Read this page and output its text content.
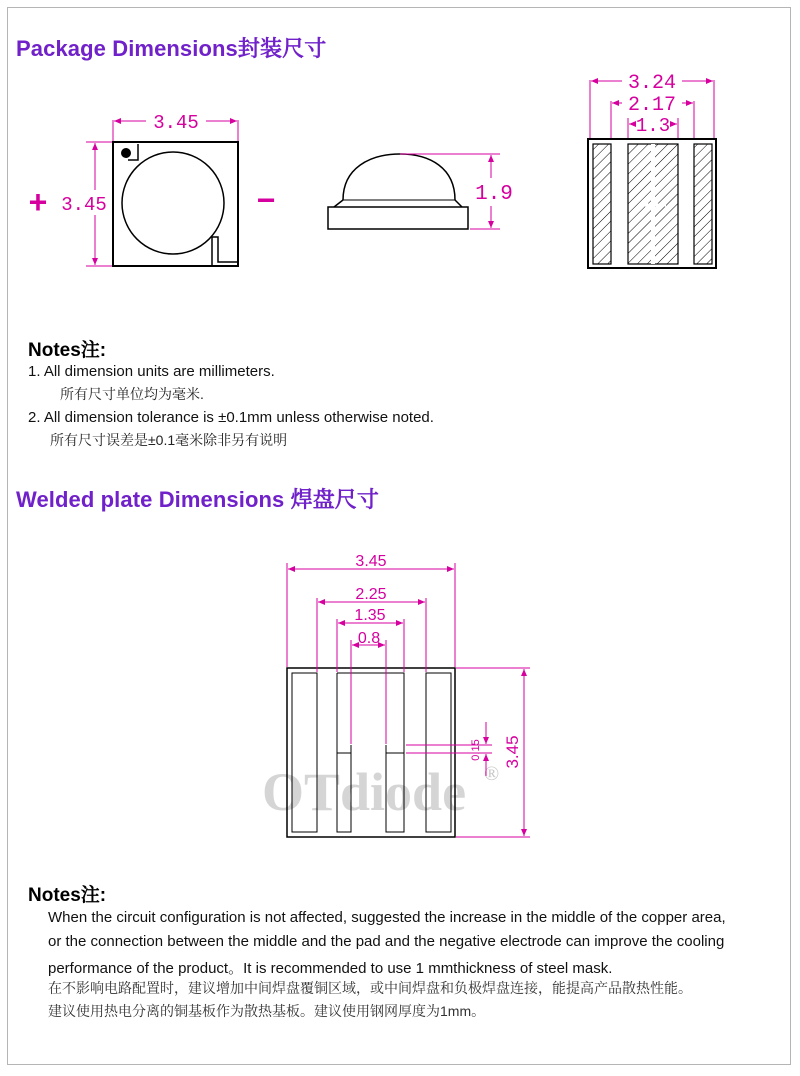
Package Dimensions封装尺寸
3.45
3.45
+	−	1.9
3.24
2.17
1.3
Notes注:
1. All dimension units are millimeters.
所有尺寸单位均为毫米.
2. All dimension tolerance is ±0.1mm unless otherwise noted.
所有尺寸误差是±0.1毫米除非另有说明
Welded plate Dimensions 焊盘尺寸
OTdiode ®
3.45
2.25
1.35
0.8
0.15 3.45
Notes注:
When the circuit configuration is not affected, suggested the increase in the middle of the copper area,
or the connection between the middle and the pad and the negative electrode can improve the cooling
performance of the product。It is recommended to use 1 mmthickness of steel mask.
在不影响电路配置时，建议增加中间焊盘覆铜区域，或中间焊盘和负极焊盘连接，能提高产品散热性能。
建议使用热电分离的铜基板作为散热基板。建议使用钢网厚度为1mm。
